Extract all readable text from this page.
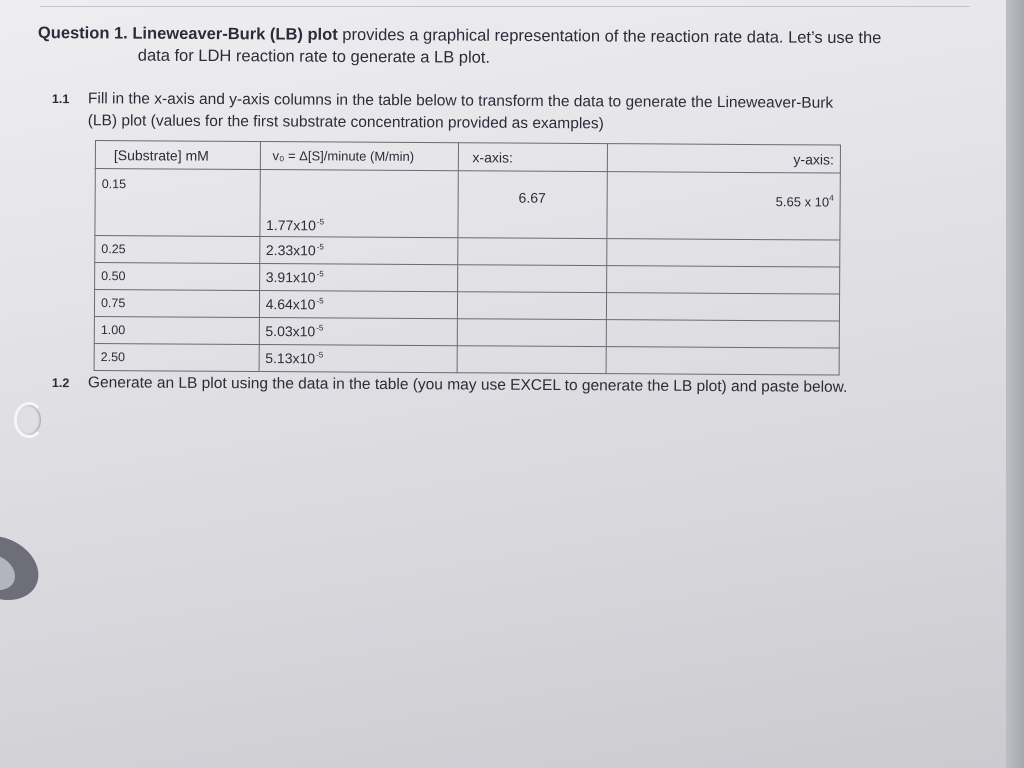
Question 1. Lineweaver-Burk (LB) plot provides a graphical representation of the reaction rate data. Let’s use the
data for LDH reaction rate to generate a LB plot.
1.1 Fill in the x-axis and y-axis columns in the table below to transform the data to generate the Lineweaver-Burk
(LB) plot (values for the first substrate concentration provided as examples)
[Substrate] mM	v₀ = Δ[S]/minute (M/min)	x-axis:	y-axis:
0.15	$1.77x10^{-5}$	6.67	5.65 x $10^4$
0.25	$2.33x10^{-5}$		
0.50	$3.91x10^{-5}$		
0.75	$4.64x10^{-5}$		
1.00	$5.03x10^{-5}$		
2.50	$5.13x10^{-5}$		
1.2 Generate an LB plot using the data in the table (you may use EXCEL to generate the LB plot) and paste below.
